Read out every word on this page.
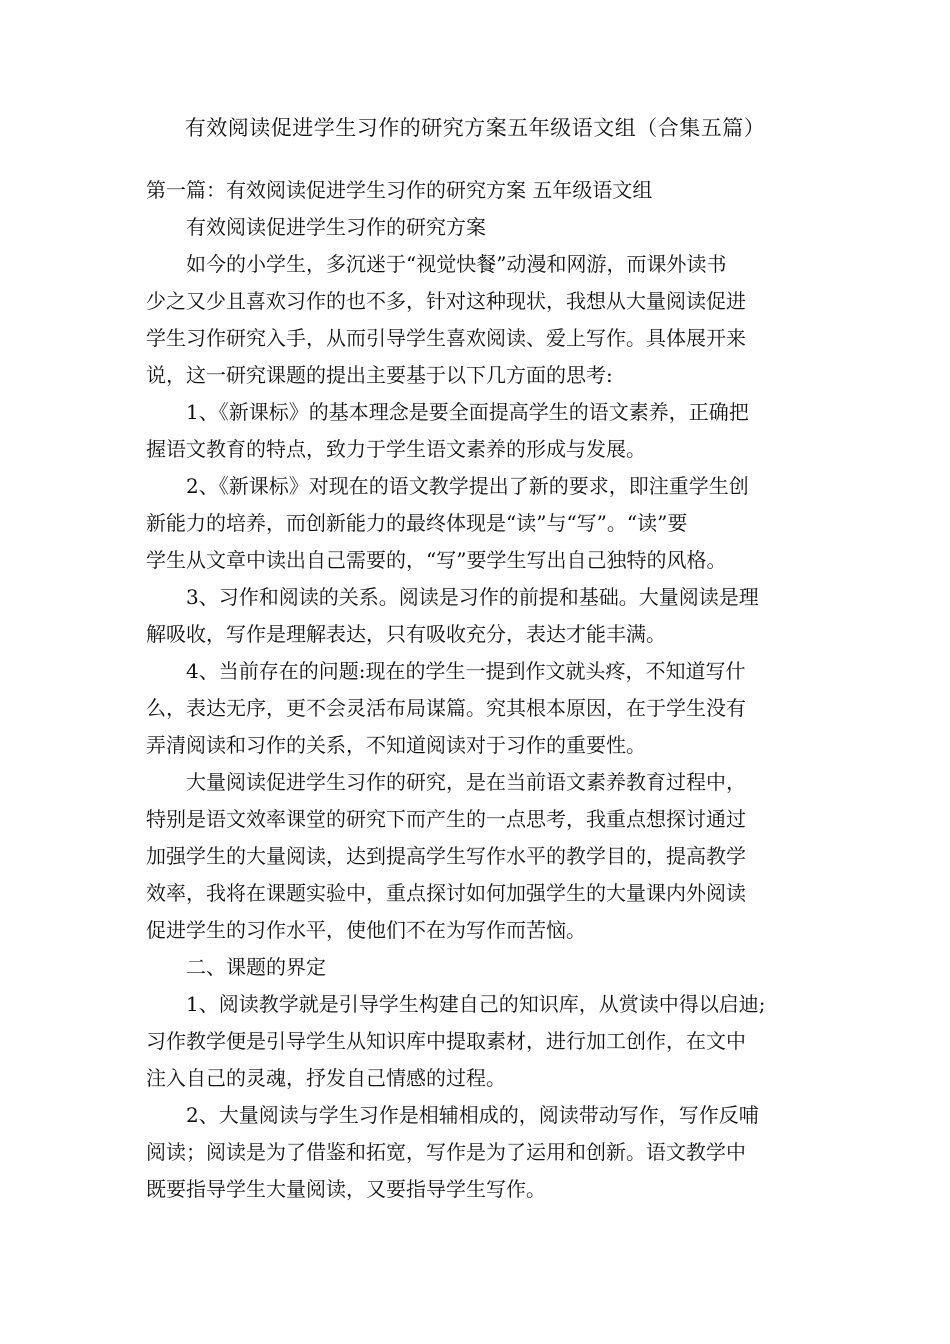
有效阅读促进学生习作的研究方案五年级语文组（合集五篇）
第一篇：有效阅读促进学生习作的研究方案 五年级语文组
有效阅读促进学生习作的研究方案
如今的小学生，多沉迷于“视觉快餐”动漫和网游，而课外读书
少之又少且喜欢习作的也不多，针对这种现状，我想从大量阅读促进
学生习作研究入手，从而引导学生喜欢阅读、爱上写作。具体展开来
说，这一研究课题的提出主要基于以下几方面的思考:
1、《新课标》的基本理念是要全面提高学生的语文素养，正确把
握语文教育的特点，致力于学生语文素养的形成与发展。
2、《新课标》对现在的语文教学提出了新的要求，即注重学生创
新能力的培养，而创新能力的最终体现是“读”与“写”。“读”要
学生从文章中读出自己需要的，“写”要学生写出自己独特的风格。
3、习作和阅读的关系。阅读是习作的前提和基础。大量阅读是理
解吸收，写作是理解表达，只有吸收充分，表达才能丰满。
4、当前存在的问题:现在的学生一提到作文就头疼，不知道写什
么，表达无序，更不会灵活布局谋篇。究其根本原因，在于学生没有
弄清阅读和习作的关系，不知道阅读对于习作的重要性。
大量阅读促进学生习作的研究，是在当前语文素养教育过程中，
特别是语文效率课堂的研究下而产生的一点思考，我重点想探讨通过
加强学生的大量阅读，达到提高学生写作水平的教学目的，提高教学
效率，我将在课题实验中，重点探讨如何加强学生的大量课内外阅读
促进学生的习作水平，使他们不在为写作而苦恼。
二、课题的界定
1、阅读教学就是引导学生构建自己的知识库，从赏读中得以启迪;
习作教学便是引导学生从知识库中提取素材，进行加工创作，在文中
注入自己的灵魂，抒发自己情感的过程。
2、大量阅读与学生习作是相辅相成的，阅读带动写作，写作反哺
阅读；阅读是为了借鉴和拓宽，写作是为了运用和创新。语文教学中
既要指导学生大量阅读，又要指导学生写作。
